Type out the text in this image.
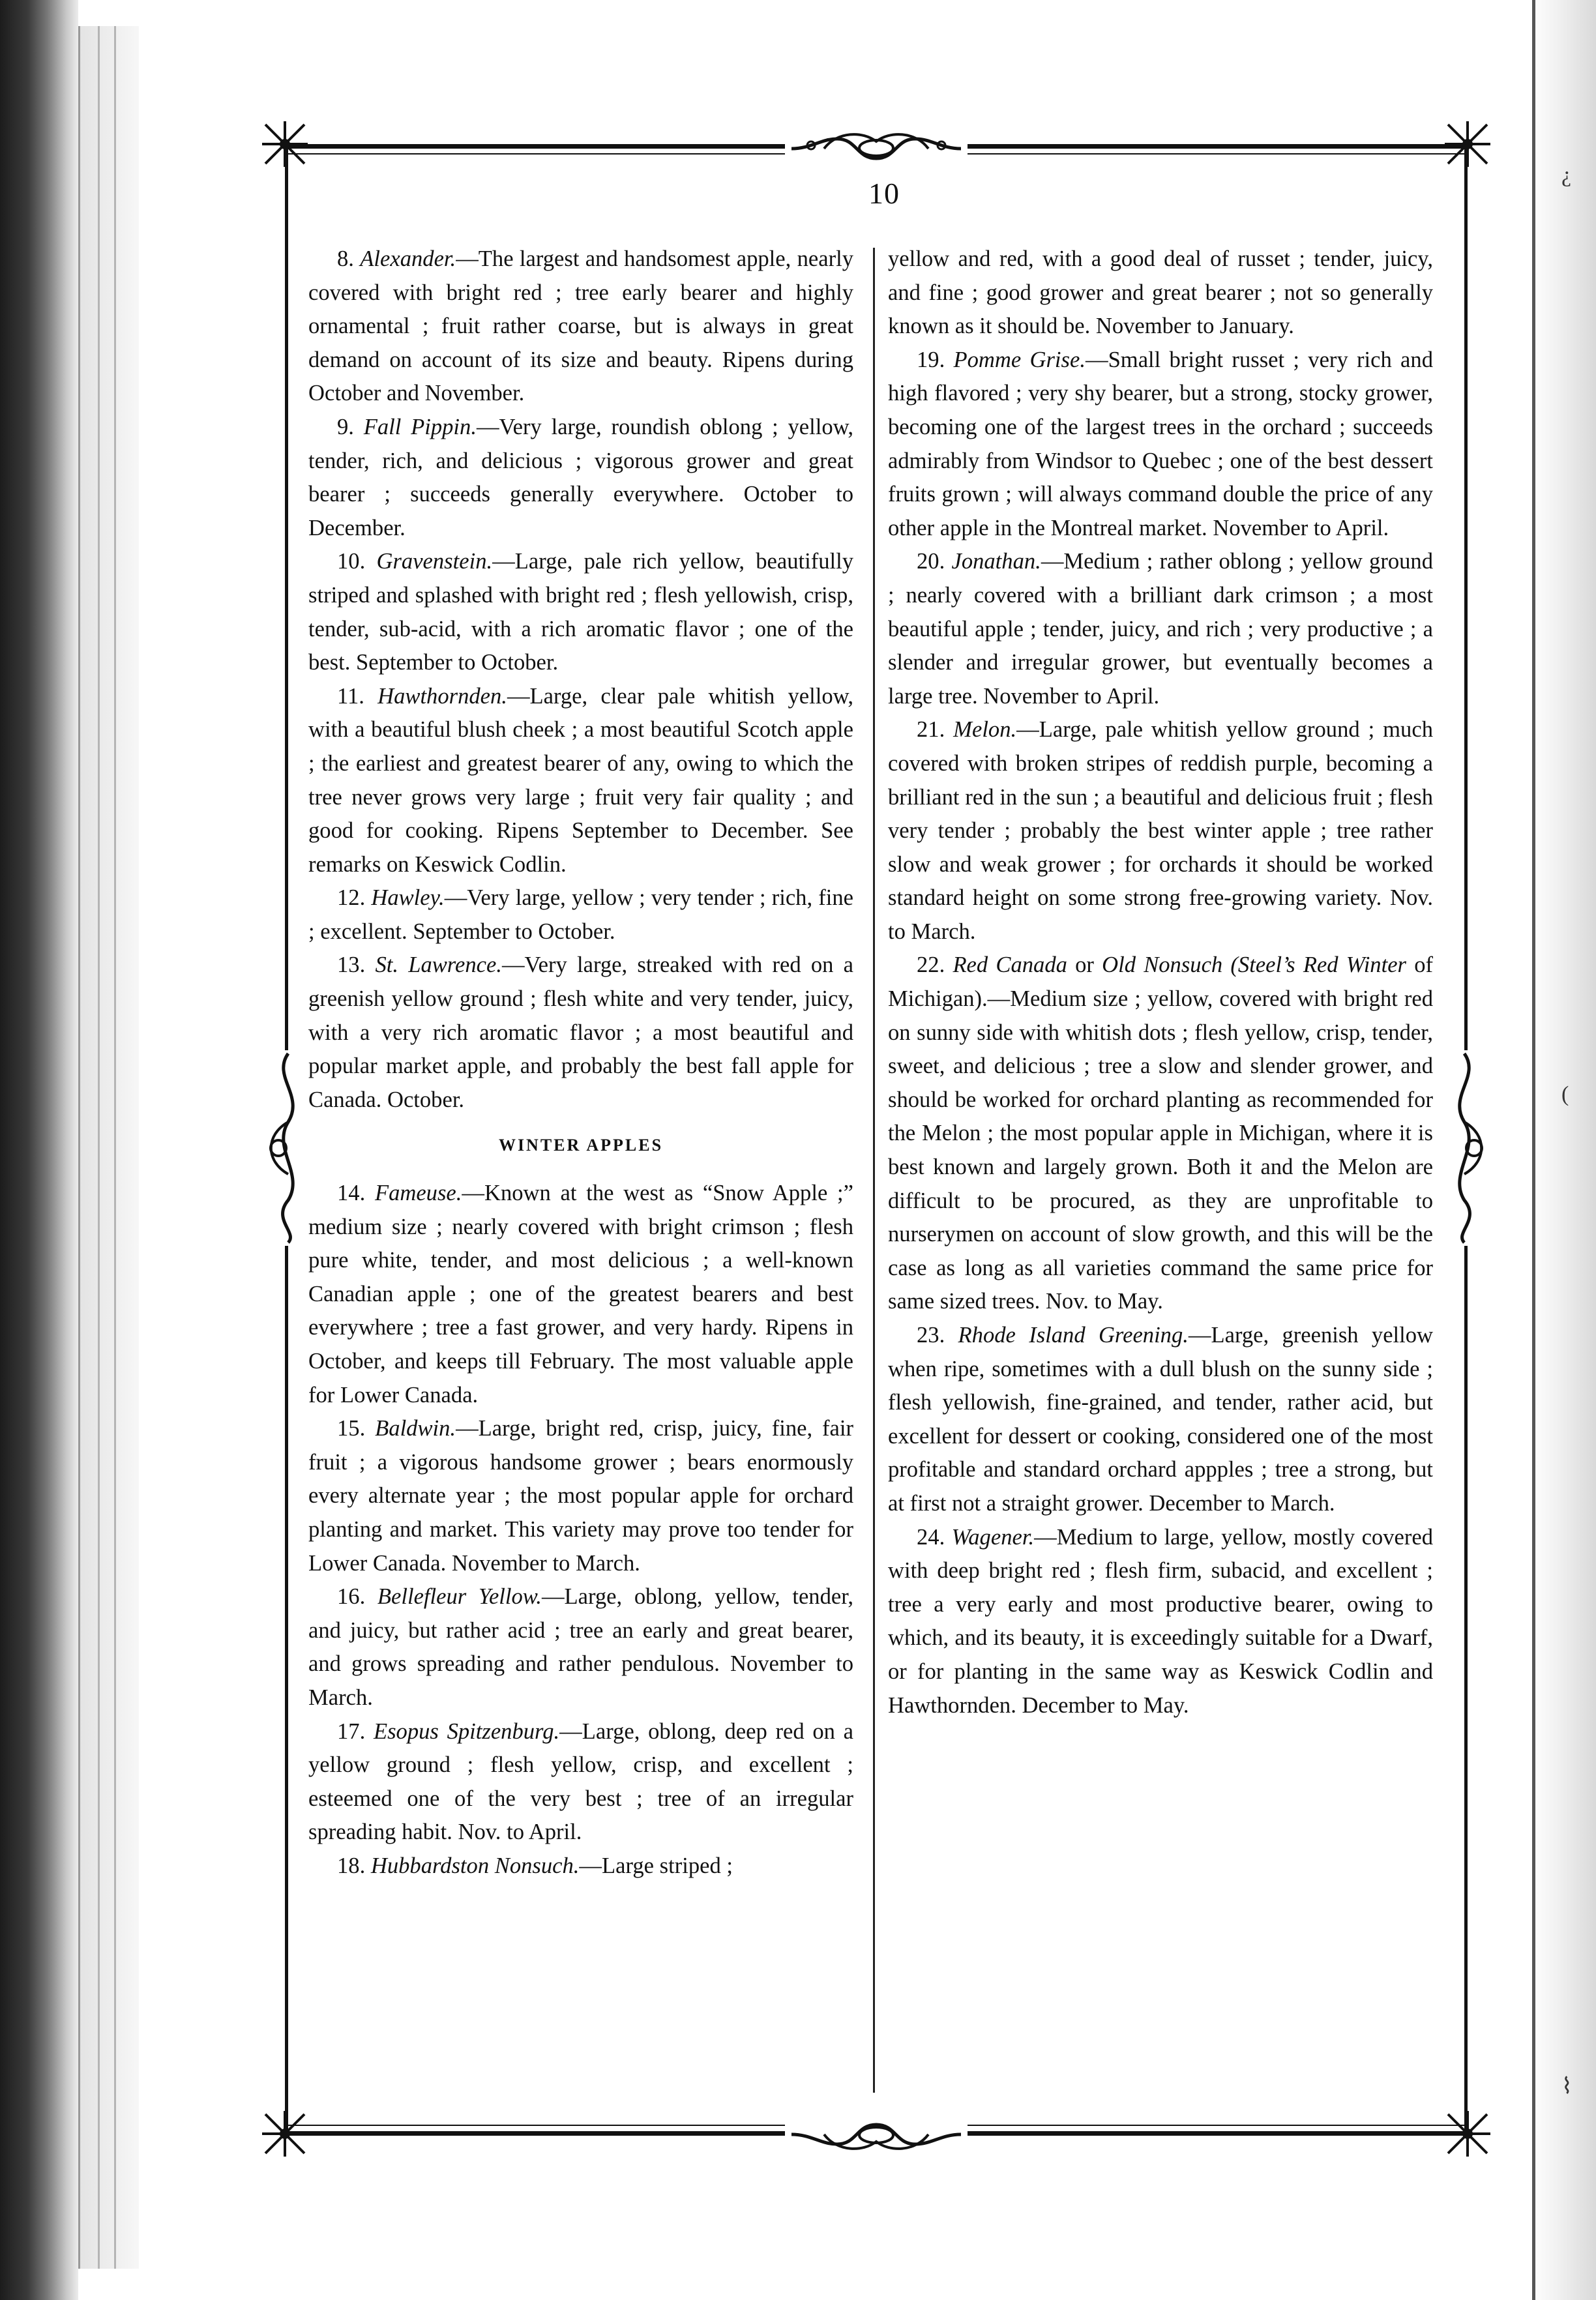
¿
(
⌇
10

8. Alexander.—The largest and handsomest apple, nearly covered with bright red ; tree early bearer and highly ornamental ; fruit rather coarse, but is always in great demand on account of its size and beauty. Ripens during October and November.

9. Fall Pippin.—Very large, roundish oblong ; yellow, tender, rich, and delicious ; vigorous grower and great bearer ; succeeds generally everywhere. October to December.

10. Gravenstein.—Large, pale rich yellow, beautifully striped and splashed with bright red ; flesh yellowish, crisp, tender, sub-acid, with a rich aromatic flavor ; one of the best. September to October.

11. Hawthornden.—Large, clear pale whitish yellow, with a beautiful blush cheek ; a most beautiful Scotch apple ; the earliest and greatest bearer of any, owing to which the tree never grows very large ; fruit very fair quality ; and good for cooking. Ripens September to December. See remarks on Keswick Codlin.

12. Hawley.—Very large, yellow ; very tender ; rich, fine ; excellent. September to October.

13. St. Lawrence.—Very large, streaked with red on a greenish yellow ground ; flesh white and very tender, juicy, with a very rich aromatic flavor ; a most beautiful and popular market apple, and probably the best fall apple for Canada. October.

WINTER APPLES

14. Fameuse.—Known at the west as “Snow Apple ;” medium size ; nearly covered with bright crimson ; flesh pure white, tender, and most delicious ; a well-known Canadian apple ; one of the greatest bearers and best everywhere ; tree a fast grower, and very hardy. Ripens in October, and keeps till February. The most valuable apple for Lower Canada.

15. Baldwin.—Large, bright red, crisp, juicy, fine, fair fruit ; a vigorous handsome grower ; bears enormously every alternate year ; the most popular apple for orchard planting and market. This variety may prove too tender for Lower Canada. November to March.

16. Bellefleur Yellow.—Large, oblong, yellow, tender, and juicy, but rather acid ; tree an early and great bearer, and grows spreading and rather pendulous. November to March.

17. Esopus Spitzenburg.—Large, oblong, deep red on a yellow ground ; flesh yellow, crisp, and excellent ; esteemed one of the very best ; tree of an irregular spreading habit. Nov. to April.

18. Hubbardston Nonsuch.—Large striped ;

yellow and red, with a good deal of russet ; tender, juicy, and fine ; good grower and great bearer ; not so generally known as it should be. November to January.

19. Pomme Grise.—Small bright russet ; very rich and high flavored ; very shy bearer, but a strong, stocky grower, becoming one of the largest trees in the orchard ; succeeds admirably from Windsor to Quebec ; one of the best dessert fruits grown ; will always command double the price of any other apple in the Montreal market. November to April.

20. Jonathan.—Medium ; rather oblong ; yellow ground ; nearly covered with a brilliant dark crimson ; a most beautiful apple ; tender, juicy, and rich ; very productive ; a slender and irregular grower, but eventually becomes a large tree. November to April.

21. Melon.—Large, pale whitish yellow ground ; much covered with broken stripes of reddish purple, becoming a brilliant red in the sun ; a beautiful and delicious fruit ; flesh very tender ; probably the best winter apple ; tree rather slow and weak grower ; for orchards it should be worked standard height on some strong free-growing variety. Nov. to March.

22. Red Canada or Old Nonsuch (Steel’s Red Winter of Michigan).—Medium size ; yellow, covered with bright red on sunny side with whitish dots ; flesh yellow, crisp, tender, sweet, and delicious ; tree a slow and slender grower, and should be worked for orchard planting as recommended for the Melon ; the most popular apple in Michigan, where it is best known and largely grown. Both it and the Melon are difficult to be procured, as they are unprofitable to nurserymen on account of slow growth, and this will be the case as long as all varieties command the same price for same sized trees. Nov. to May.

23. Rhode Island Greening.—Large, greenish yellow when ripe, sometimes with a dull blush on the sunny side ; flesh yellowish, fine-grained, and tender, rather acid, but excellent for dessert or cooking, considered one of the most profitable and standard orchard appples ; tree a strong, but at first not a straight grower. December to March.

24. Wagener.—Medium to large, yellow, mostly covered with deep bright red ; flesh firm, subacid, and excellent ; tree a very early and most productive bearer, owing to which, and its beauty, it is exceedingly suitable for a Dwarf, or for planting in the same way as Keswick Codlin and Hawthornden. December to May.
